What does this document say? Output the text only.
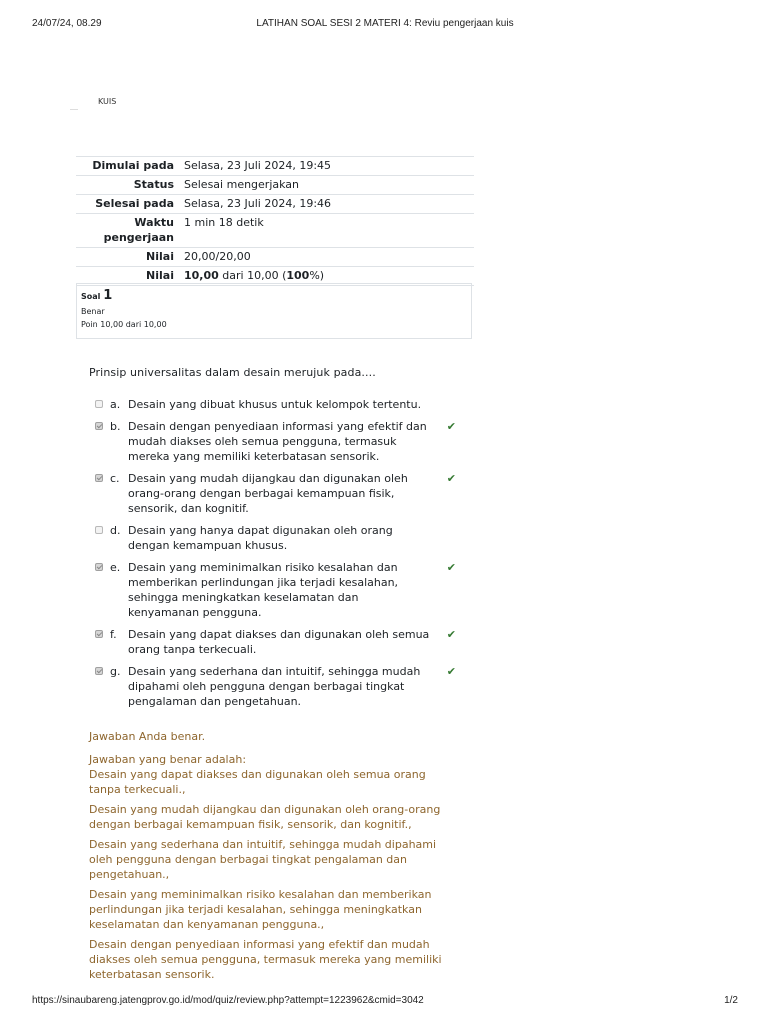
24/07/24, 08.29	LATIHAN SOAL SESI 2 MATERI 4: Reviu pengerjaan kuis
KUIS
Dimulai pada	Selasa, 23 Juli 2024, 19:45
Status	Selesai mengerjakan
Selesai pada	Selasa, 23 Juli 2024, 19:46
Waktu pengerjaan	1 min 18 detik
Nilai	20,00/20,00
Nilai	10,00 dari 10,00 (100%)
Soal 1
Benar
Poin 10,00 dari 10,00
Prinsip universalitas dalam desain merujuk pada....
a. Desain yang dibuat khusus untuk kelompok tertentu.
b. Desain dengan penyediaan informasi yang efektif dan mudah diakses oleh semua pengguna, termasuk mereka yang memiliki keterbatasan sensorik.
✔
c. Desain yang mudah dijangkau dan digunakan oleh orang-orang dengan berbagai kemampuan fisik, sensorik, dan kognitif.
✔
d. Desain yang hanya dapat digunakan oleh orang dengan kemampuan khusus.
e. Desain yang meminimalkan risiko kesalahan dan memberikan perlindungan jika terjadi kesalahan, sehingga meningkatkan keselamatan dan kenyamanan pengguna.
✔
f. Desain yang dapat diakses dan digunakan oleh semua orang tanpa terkecuali.
✔
g. Desain yang sederhana dan intuitif, sehingga mudah dipahami oleh pengguna dengan berbagai tingkat pengalaman dan pengetahuan.
✔

Jawaban Anda benar.

Jawaban yang benar adalah:

Desain yang dapat diakses dan digunakan oleh semua orang tanpa terkecuali.,

Desain yang mudah dijangkau dan digunakan oleh orang-orang dengan berbagai kemampuan fisik, sensorik, dan kognitif.,

Desain yang sederhana dan intuitif, sehingga mudah dipahami oleh pengguna dengan berbagai tingkat pengalaman dan pengetahuan.,

Desain yang meminimalkan risiko kesalahan dan memberikan perlindungan jika terjadi kesalahan, sehingga meningkatkan keselamatan dan kenyamanan pengguna.,

Desain dengan penyediaan informasi yang efektif dan mudah diakses oleh semua pengguna, termasuk mereka yang memiliki keterbatasan sensorik.

https://sinaubareng.jatengprov.go.id/mod/quiz/review.php?attempt=1223962&cmid=3042	1/2
